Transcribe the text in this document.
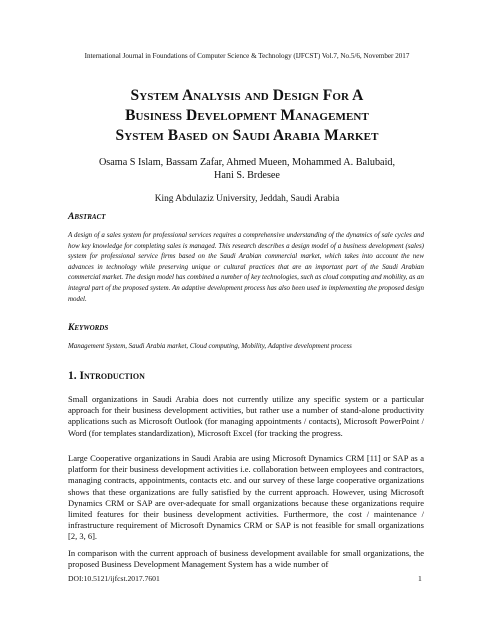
International Journal in Foundations of Computer Science & Technology (IJFCST) Vol.7, No.5/6, November 2017
System Analysis and Design For A
Business Development Management
System Based on Saudi Arabia Market
Osama S Islam, Bassam Zafar, Ahmed Mueen, Mohammed A. Balubaid,
Hani S. Brdesee
King Abdulaziz University, Jeddah, Saudi Arabia
Abstract
A design of a sales system for professional services requires a comprehensive understanding of the dynamics of sale cycles and how key knowledge for completing sales is managed. This research describes a design model of a business development (sales) system for professional service firms based on the Saudi Arabian commercial market, which takes into account the new advances in technology while preserving unique or cultural practices that are an important part of the Saudi Arabian commercial market. The design model has combined a number of key technologies, such as cloud computing and mobility, as an integral part of the proposed system. An adaptive development process has also been used in implementing the proposed design model.
Keywords
Management System, Saudi Arabia market, Cloud computing, Mobility, Adaptive development process
1. Introduction
Small organizations in Saudi Arabia does not currently utilize any specific system or a particular approach for their business development activities, but rather use a number of stand-alone productivity applications such as Microsoft Outlook (for managing appointments / contacts), Microsoft PowerPoint / Word (for templates standardization), Microsoft Excel (for tracking the progress.
Large Cooperative organizations in Saudi Arabia are using Microsoft Dynamics CRM [11] or SAP as a platform for their business development activities i.e. collaboration between employees and contractors, managing contracts, appointments, contacts etc. and our survey of these large cooperative organizations shows that these organizations are fully satisfied by the current approach. However, using Microsoft Dynamics CRM or SAP are over-adequate for small organizations because these organizations require limited features for their business development activities. Furthermore, the cost / maintenance / infrastructure requirement of Microsoft Dynamics CRM or SAP is not feasible for small organizations [2, 3, 6].
In comparison with the current approach of business development available for small organizations, the proposed Business Development Management System has a wide number of
DOI:10.5121/ijfcst.2017.7601	1
